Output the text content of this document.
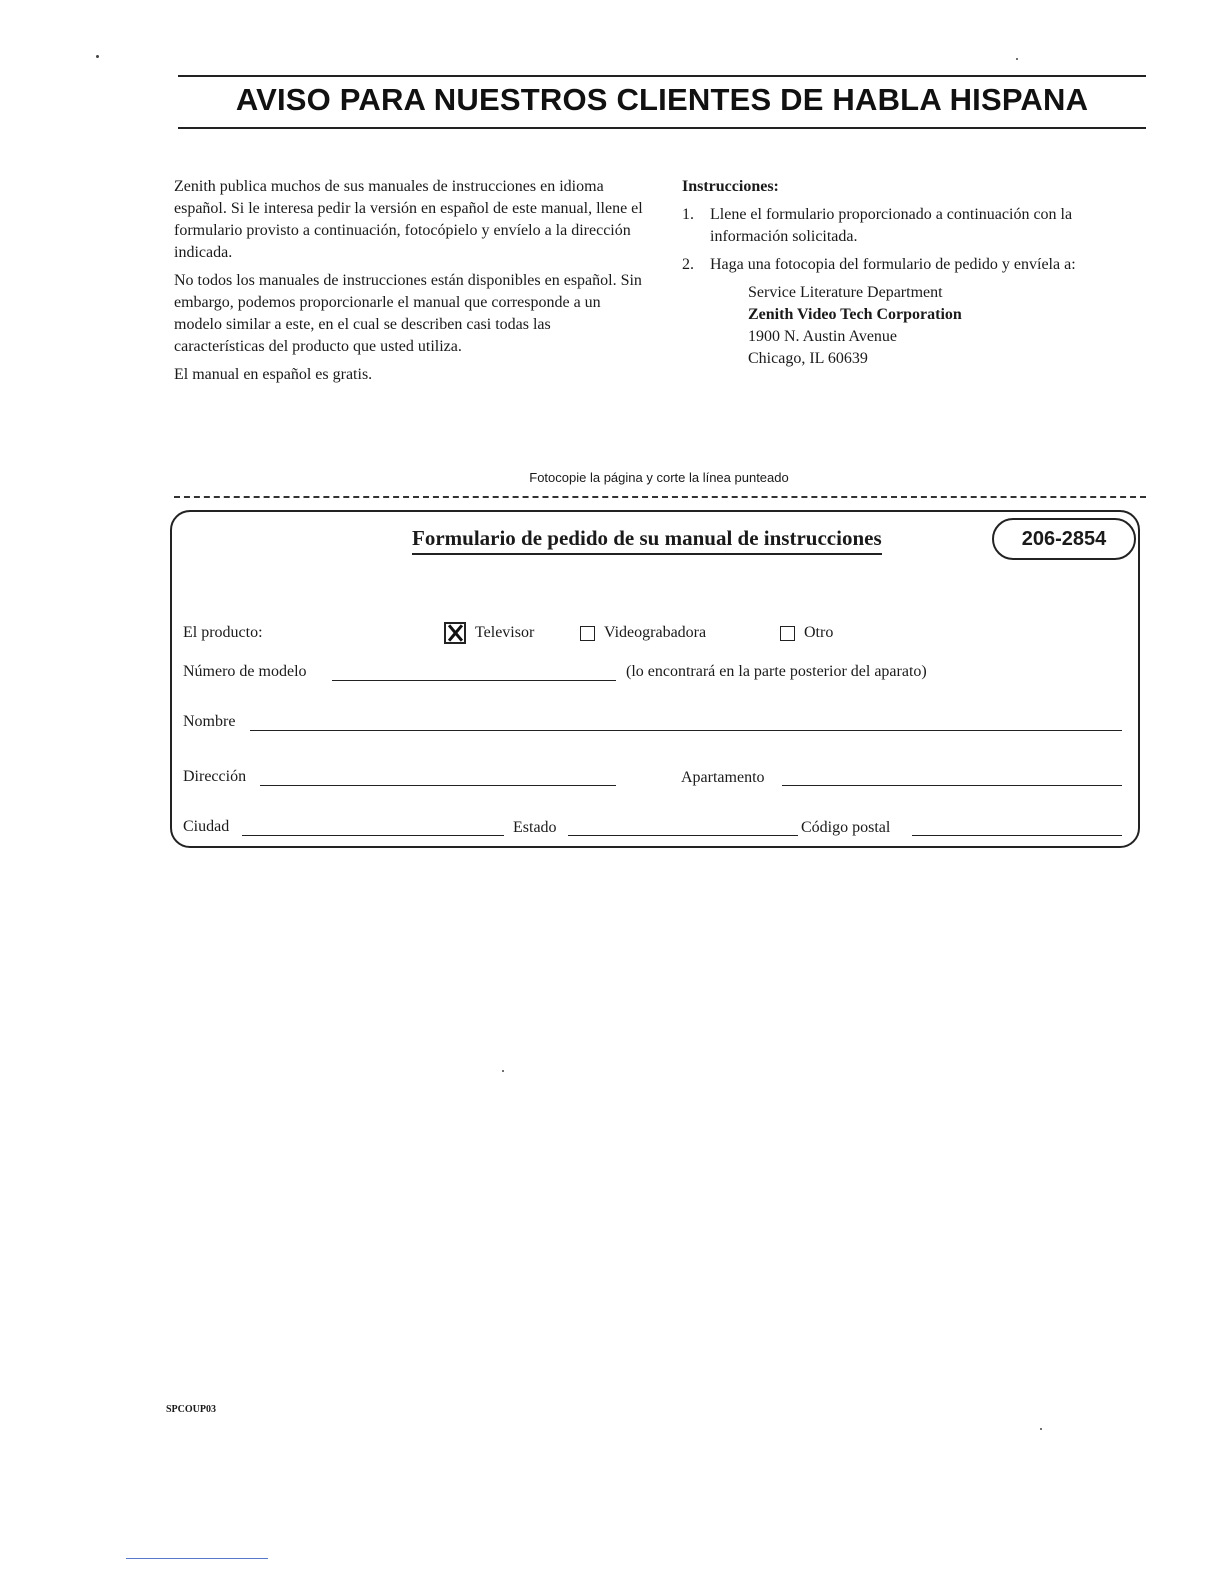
AVISO PARA NUESTROS CLIENTES DE HABLA HISPANA

Zenith publica muchos de sus manuales de instrucciones en idioma español. Si le interesa pedir la versión en español de este manual, llene el formulario provisto a continuación, fotocópielo y envíelo a la dirección indicada.

No todos los manuales de instrucciones están disponibles en español. Sin embargo, podemos proporcionarle el manual que corresponde a un modelo similar a este, en el cual se describen casi todas las características del producto que usted utiliza.

El manual en español es gratis.

Instrucciones:
1. Llene el formulario proporcionado a continuación con la información solicitada.
2. Haga una fotocopia del formulario de pedido y envíela a:
Service Literature Department
Zenith Video Tech Corporation
1900 N. Austin Avenue
Chicago, IL 60639
Fotocopie la página y corte la línea punteado
Formulario de pedido de su manual de instrucciones	206-2854
El producto:	Televisor	Videograbadora	Otro
Número de modelo	(lo encontrará en la parte posterior del aparato)
Nombre
Dirección	Apartamento
Ciudad	Estado	Código postal
SPCOUP03
